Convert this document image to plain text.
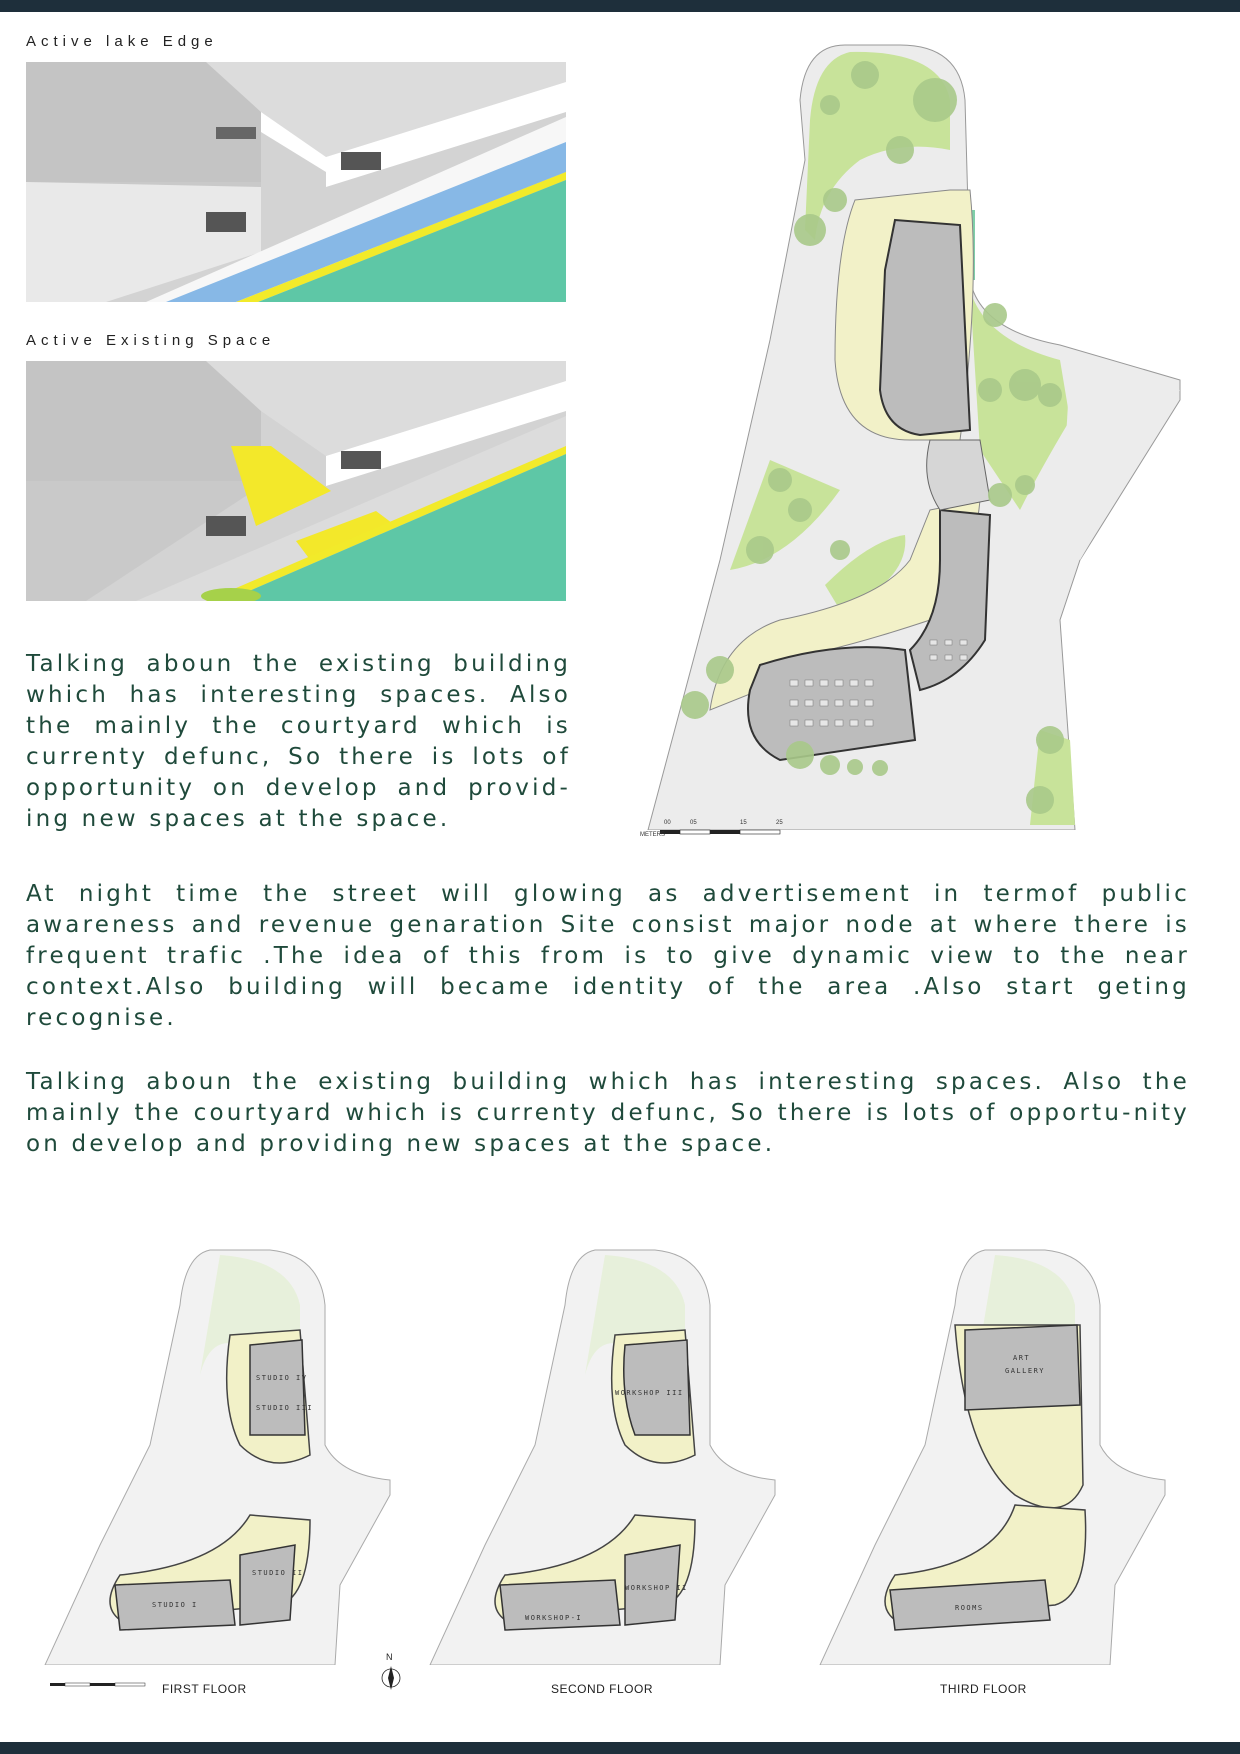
Active lake Edge
Active Existing Space

Talking aboun the existing building which has interesting spaces. Also the mainly the courtyard which is currenty defunc, So there is lots of opportunity on develop and provid-ing new spaces at the space.

METERS
00	05	15	25

At night time the street will glowing as advertisement in termof public awareness and revenue genaration Site consist major node at where there is frequent trafic .The idea of this from is to give dynamic view to the near context.Also building will became identity of the area .Also start geting recognise.

Talking aboun the existing building which has interesting spaces. Also the mainly the courtyard which is currenty defunc, So there is lots of opportu-nity on develop and providing new spaces at the space.

STUDIO IV
STUDIO III
STUDIO I
STUDIO II
WORKSHOP III
WORKSHOP-I
WORKSHOP II
ART
GALLERY
ROOMS
FIRST FLOOR	SECOND FLOOR	THIRD FLOOR
N
